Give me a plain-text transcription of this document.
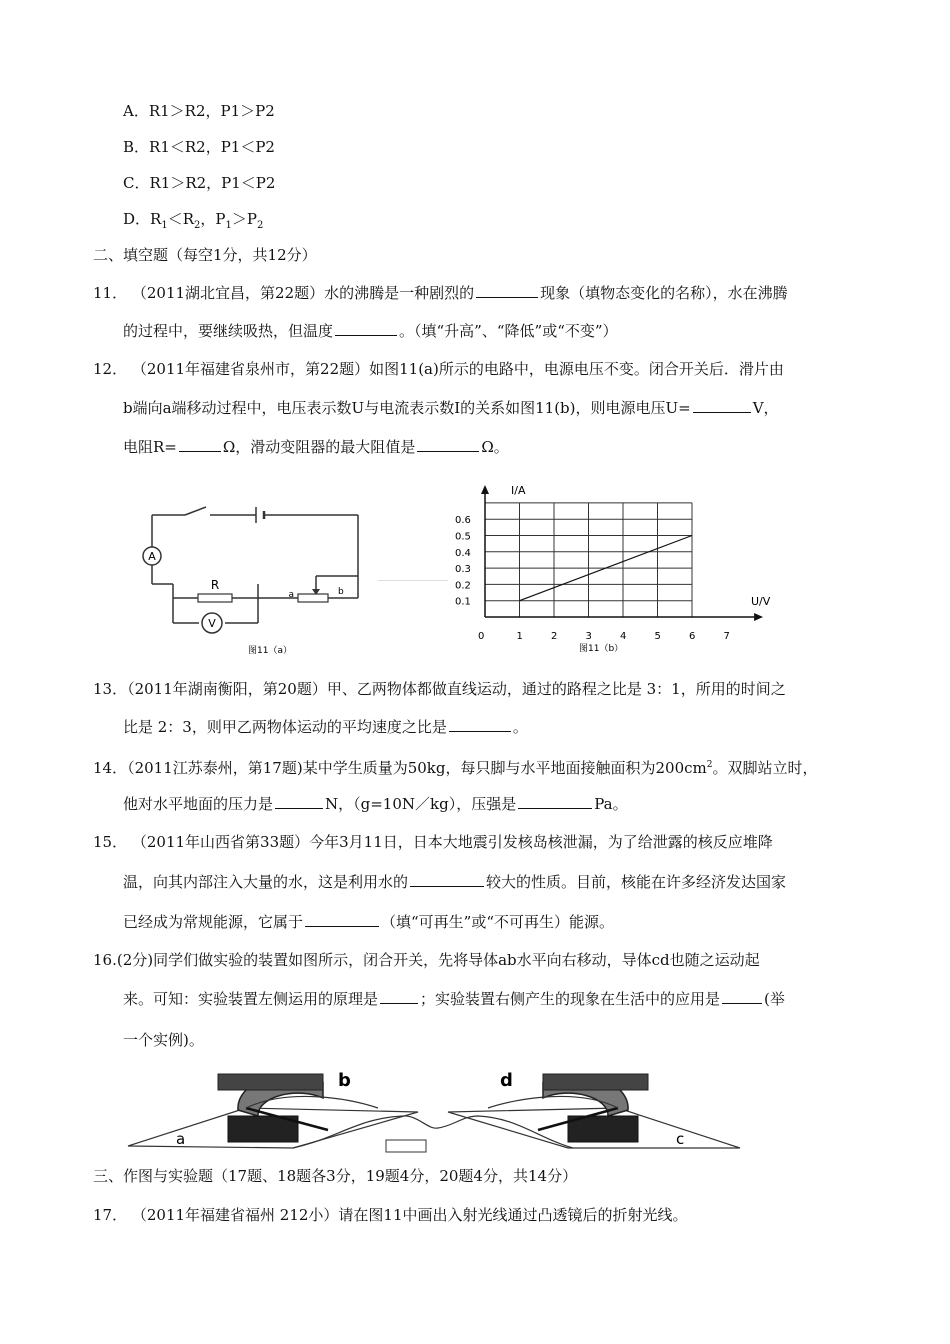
A．R1＞R2，P1＞P2
B．R1＜R2，P1＜P2
C．R1＞R2，P1＜P2
D．$R_1<R_2$，$P_1>P_2$
二、填空题（每空1分，共12分）
11． （2011湖北宜昌，第22题）水的沸腾是一种剧烈的	现象（填物态变化的名称），水在沸腾
的过程中，要继续吸热，但温度	。（填“升高”、“降低”或“不变”）
12． （2011年福建省泉州市，第22题）如图11(a)所示的电路中，电源电压不变。闭合开关后．滑片由
b端向a端移动过程中，电压表示数U与电流表示数I的关系如图11(b)，则电源电压U=	V，
电阻R=	Ω，滑动变阻器的最大阻值是	Ω。
A
V
R
a	b
图11（a）
I/A
U/V
图11（b）
0.6
0.5
0.4
0.3
0.2
0.1
0	1	2	3	4	5	6	7
13．（2011年湖南衡阳，第20题）甲、乙两物体都做直线运动，通过的路程之比是 3：1，所用的时间之
比是 2：3，则甲乙两物体运动的平均速度之比是	。
14．（2011江苏泰州，第17题)某中学生质量为50kg，每只脚与水平地面接触面积为$200cm^2$。双脚站立时，
他对水平地面的压力是	N，（g=10N／kg），压强是	Pa。
15． （2011年山西省第33题）今年3月11日，日本大地震引发核岛核泄漏，为了给泄露的核反应堆降
温，向其内部注入大量的水，这是利用水的	较大的性质。目前，核能在许多经济发达国家
已经成为常规能源，它属于	（填“可再生”或“不可再生）能源。
16.(2分)同学们做实验的装置如图所示，闭合开关，先将导体ab水平向右移动，导体cd也随之运动起
来。可知：实验装置左侧运用的原理是	；实验装置右侧产生的现象在生活中的应用是	(举
一个实例)。
b
a
d
c
三、作图与实验题（17题、18题各3分，19题4分，20题4分，共14分）
17． （2011年福建省福州 212小）请在图11中画出入射光线通过凸透镜后的折射光线。
